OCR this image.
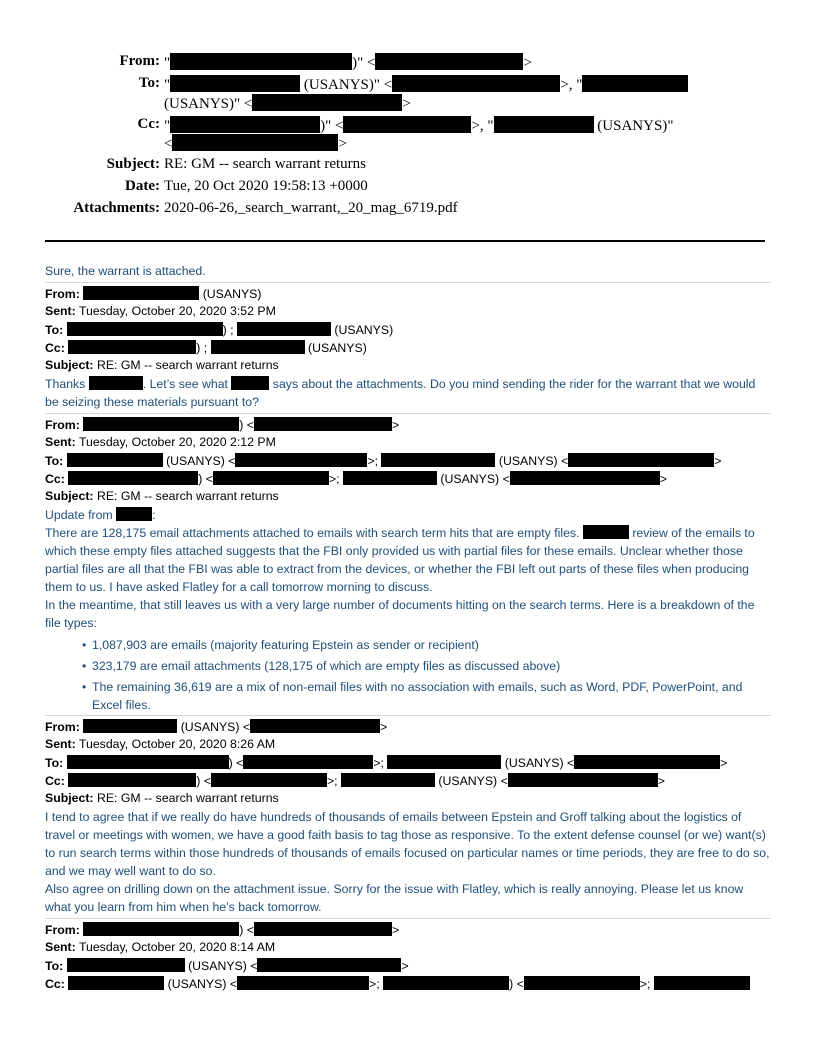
From: "	)" <	>
To: "	(USANYS)" <	>, "
(USANYS)" <	>
Cc: "	)" <	>, "	(USANYS)"
<	>
Subject: RE: GM -- search warrant returns
Date: Tue, 20 Oct 2020 19:58:13 +0000
Attachments: 2020-06-26,_search_warrant,_20_mag_6719.pdf
Sure, the warrant is attached.
From:	(USANYS)
Sent: Tuesday, October 20, 2020 3:52 PM
To:	) ;	(USANYS)
Cc:	) ;	(USANYS)
Subject: RE: GM -- search warrant returns
Thanks	. Let’s see what	says about the attachments. Do you mind sending the rider for the warrant that we would be seizing these materials pursuant to?
From:	) <	>
Sent: Tuesday, October 20, 2020 2:12 PM
To:	(USANYS) <	>;	(USANYS) <	>
Cc:	) <	>;	(USANYS) <	>
Subject: RE: GM -- search warrant returns
Update from	:
There are 128,175 email attachments attached to emails with search term hits that are empty files.	review of the emails to which these empty files attached suggests that the FBI only provided us with partial files for these emails. Unclear whether those partial files are all that the FBI was able to extract from the devices, or whether the FBI left out parts of these files when producing them to us. I have asked Flatley for a call tomorrow morning to discuss.
In the meantime, that still leaves us with a very large number of documents hitting on the search terms. Here is a breakdown of the file types:
• 1,087,903 are emails (majority featuring Epstein as sender or recipient)
• 323,179 are email attachments (128,175 of which are empty files as discussed above)
• The remaining 36,619 are a mix of non-email files with no association with emails, such as Word, PDF, PowerPoint, and Excel files.
From:	(USANYS) <	>
Sent: Tuesday, October 20, 2020 8:26 AM
To:	) <	>;	(USANYS) <	>
Cc:	) <	>;	(USANYS) <	>
Subject: RE: GM -- search warrant returns
I tend to agree that if we really do have hundreds of thousands of emails between Epstein and Groff talking about the logistics of travel or meetings with women, we have a good faith basis to tag those as responsive. To the extent defense counsel (or we) want(s) to run search terms within those hundreds of thousands of emails focused on particular names or time periods, they are free to do so, and we may well want to do so.
Also agree on drilling down on the attachment issue. Sorry for the issue with Flatley, which is really annoying. Please let us know what you learn from him when he’s back tomorrow.
From:	) <	>
Sent: Tuesday, October 20, 2020 8:14 AM
To:	(USANYS) <	>
Cc:	(USANYS) <	>;	) <	>;
